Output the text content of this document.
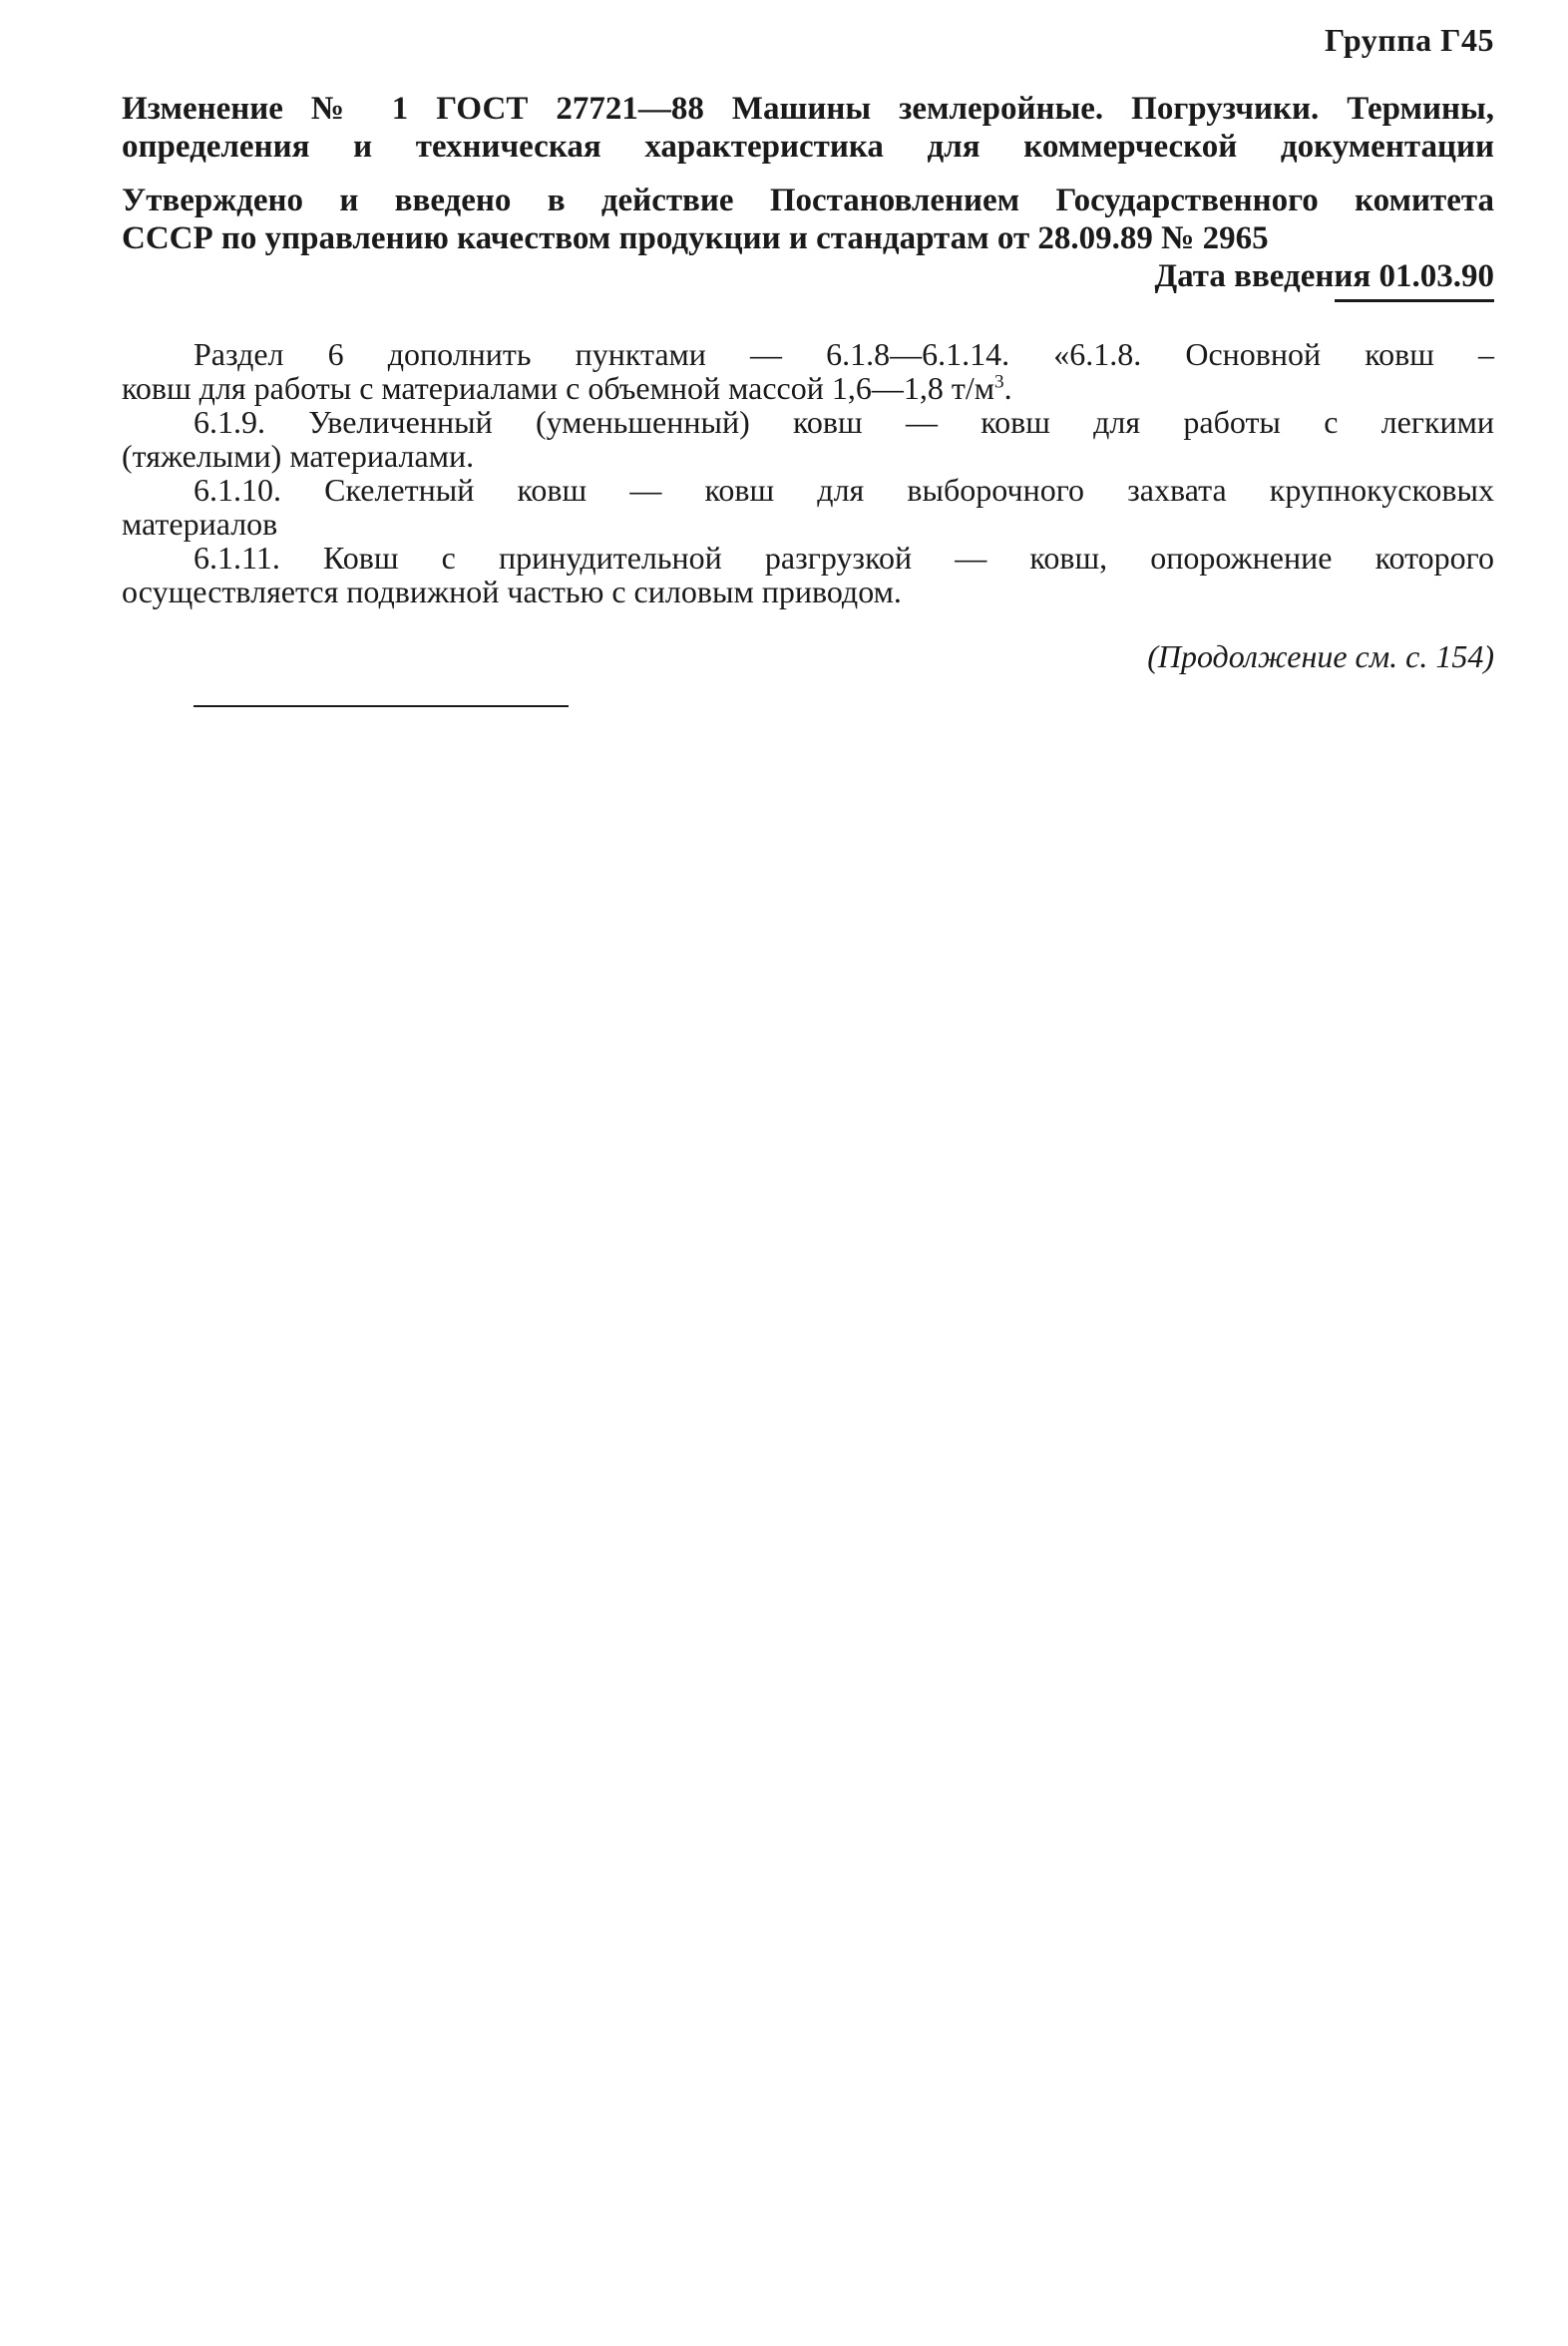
Группа Г45
Изменение № 1 ГОСТ 27721—88 Машины землеройные. Погрузчики. Термины,
определения и техническая характеристика для коммерческой документации
Утверждено и введено в действие Постановлением Государственного комитета
СССР по управлению качеством продукции и стандартам от 28.09.89 № 2965
Дата введения 01.03.90
Раздел 6 дополнить пунктами — 6.1.8—6.1.14. «6.1.8. Основной ковш –
ковш для работы с материалами с объемной массой 1,6—1,8 $т/м^3$.
6.1.9. Увеличенный (уменьшенный) ковш — ковш для работы с легкими
(тяжелыми) материалами.
6.1.10. Скелетный ковш — ковш для выборочного захвата крупнокусковых
материалов
6.1.11. Ковш с принудительной разгрузкой — ковш, опорожнение которого
осуществляется подвижной частью с силовым приводом.
(Продолжение см. с. 154)
